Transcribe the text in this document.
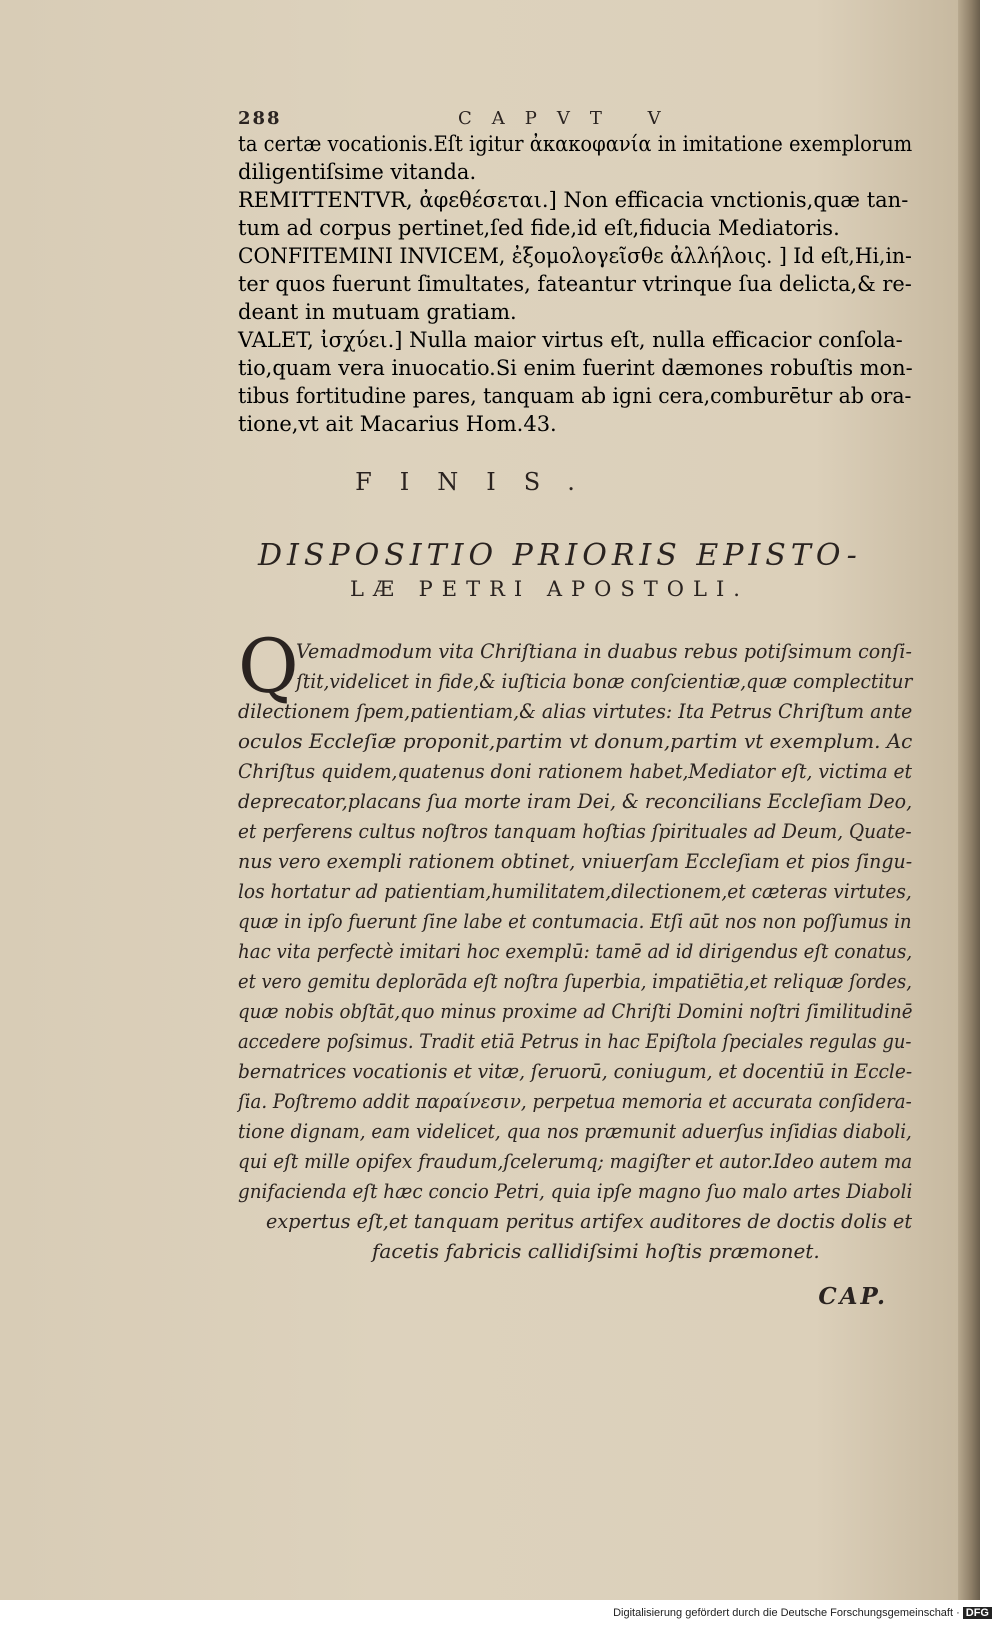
288	CAPVT V
ta certæ vocationis.Eſt igitur ἀκακοφανία in imitatione exemplorum
diligentiſsime vitanda.
REMITTENTVR, ἀφεθέσεται.] Non efficacia vnctionis,quæ tan-
tum ad corpus pertinet,ſed fide,id eſt,fiducia Mediatoris.
CONFITEMINI INVICEM, ἐξομολογεῖσθε ἀλλήλοις. ] Id eſt,Hi,in-
ter quos fuerunt ſimultates, fateantur vtrinque ſua delicta,& re-
deant in mutuam gratiam.
VALET, ἰσχύει.] Nulla maior virtus eſt, nulla efficacior conſola-
tio,quam vera inuocatio.Si enim fuerint dæmones robuſtis mon-
tibus fortitudine pares, tanquam ab igni cera,comburētur ab ora-
tione,vt ait Macarius Hom.43.
FINIS.
DISPOSITIO PRIORIS EPISTO-
LÆ PETRI APOSTOLI.
Q
Vemadmodum vita Chriſtiana in duabus rebus potiſsimum conſi-
ſtit,videlicet in fide,& iuſticia bonæ conſcientiæ,quæ complectitur
dilectionem ſpem,patientiam,& alias virtutes: Ita Petrus Chriſtum ante
oculos Eccleſiæ proponit,partim vt donum,partim vt exemplum. Ac
Chriſtus quidem,quatenus doni rationem habet,Mediator eſt, victima et
deprecator,placans ſua morte iram Dei, & reconcilians Eccleſiam Deo,
et perferens cultus noſtros tanquam hoſtias ſpirituales ad Deum, Quate-
nus vero exempli rationem obtinet, vniuerſam Eccleſiam et pios ſingu-
los hortatur ad patientiam,humilitatem,dilectionem,et cæteras virtutes,
quæ in ipſo fuerunt ſine labe et contumacia. Etſi aūt nos non poſſumus in
hac vita perfectè imitari hoc exemplū: tamē ad id dirigendus eſt conatus,
et vero gemitu deplorāda eſt noſtra ſuperbia, impatiētia,et reliquæ ſordes,
quæ nobis obſtāt,quo minus proxime ad Chriſti Domini noſtri ſimilitudinē
accedere poſsimus. Tradit etiā Petrus in hac Epiſtola ſpeciales regulas gu-
bernatrices vocationis et vitæ, ſeruorū, coniugum, et docentiū in Eccle-
ſia. Poſtremo addit παραίνεσιν, perpetua memoria et accurata conſidera-
tione dignam, eam videlicet, qua nos præmunit aduerſus inſidias diaboli,
qui eſt mille opifex fraudum,ſcelerumq; magiſter et autor.Ideo autem ma
gnifacienda eſt hæc concio Petri, quia ipſe magno ſuo malo artes Diaboli
expertus eſt,et tanquam peritus artifex auditores de doctis dolis et
facetis fabricis callidiſsimi hoſtis præmonet.
CAP.
Digitalisierung gefördert durch die Deutsche Forschungsgemeinschaft · DFG
